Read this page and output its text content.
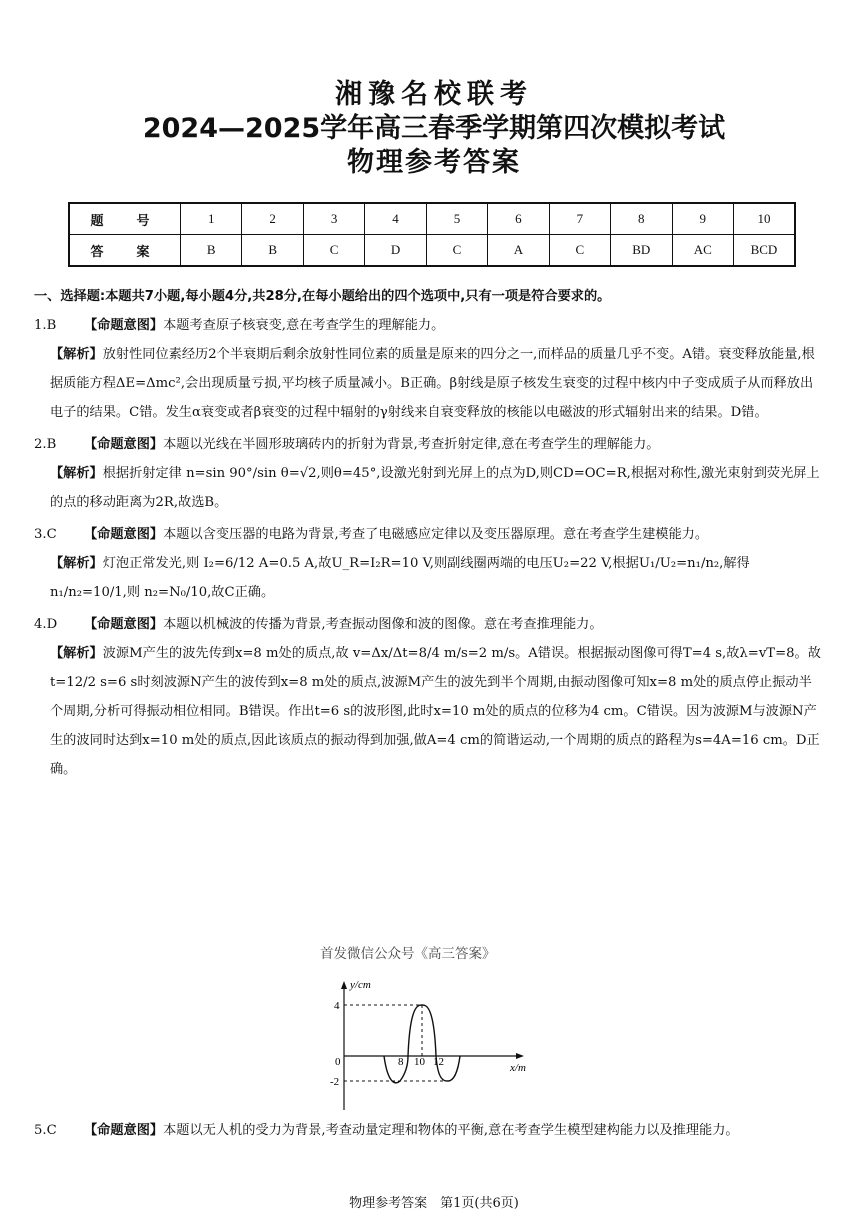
湘豫名校联考
2024—2025学年高三春季学期第四次模拟考试
物理参考答案
题　号	1	2	3	4	5	6	7	8	9	10
答　案	B	B	C	D	C	A	C	BD	AC	BCD

一、选择题:本题共7小题,每小题4分,共28分,在每小题给出的四个选项中,只有一项是符合要求的。

1.B 【命题意图】本题考查原子核衰变,意在考查学生的理解能力。

【解析】放射性同位素经历2个半衰期后剩余放射性同位素的质量是原来的四分之一,而样品的质量几乎不变。A错。衰变释放能量,根据质能方程ΔE=Δmc²,会出现质量亏损,平均核子质量减小。B正确。β射线是原子核发生衰变的过程中核内中子变成质子从而释放出电子的结果。C错。发生α衰变或者β衰变的过程中辐射的γ射线来自衰变释放的核能以电磁波的形式辐射出来的结果。D错。

2.B 【命题意图】本题以光线在半圆形玻璃砖内的折射为背景,考查折射定律,意在考查学生的理解能力。

【解析】根据折射定律 n=sin 90°/sin θ=√2,则θ=45°,设激光射到光屏上的点为D,则CD=OC=R,根据对称性,激光束射到荧光屏上的点的移动距离为2R,故选B。

3.C 【命题意图】本题以含变压器的电路为背景,考查了电磁感应定律以及变压器原理。意在考查学生建模能力。

【解析】灯泡正常发光,则 I₂=6/12 A=0.5 A,故U_R=I₂R=10 V,则副线圈两端的电压U₂=22 V,根据U₁/U₂=n₁/n₂,解得n₁/n₂=10/1,则 n₂=N₀/10,故C正确。

4.D 【命题意图】本题以机械波的传播为背景,考查振动图像和波的图像。意在考查推理能力。

【解析】波源M产生的波先传到x=8 m处的质点,故 v=Δx/Δt=8/4 m/s=2 m/s。A错误。根据振动图像可得T=4 s,故λ=vT=8。故t=12/2 s=6 s时刻波源N产生的波传到x=8 m处的质点,波源M产生的波先到半个周期,由振动图像可知x=8 m处的质点停止振动半个周期,分析可得振动相位相同。B错误。作出t=6 s的波形图,此时x=10 m处的质点的位移为4 cm。C错误。因为波源M与波源N产生的波同时达到x=10 m处的质点,因此该质点的振动得到加强,做A=4 cm的简谐运动,一个周期的质点的路程为s=4A=16 cm。D正确。

首发微信公众号《高三答案》
y/cm
4
-2
0	8 10 12	x/m

5.C 【命题意图】本题以无人机的受力为背景,考查动量定理和物体的平衡,意在考查学生模型建构能力以及推理能力。

物理参考答案　第1页(共6页)
